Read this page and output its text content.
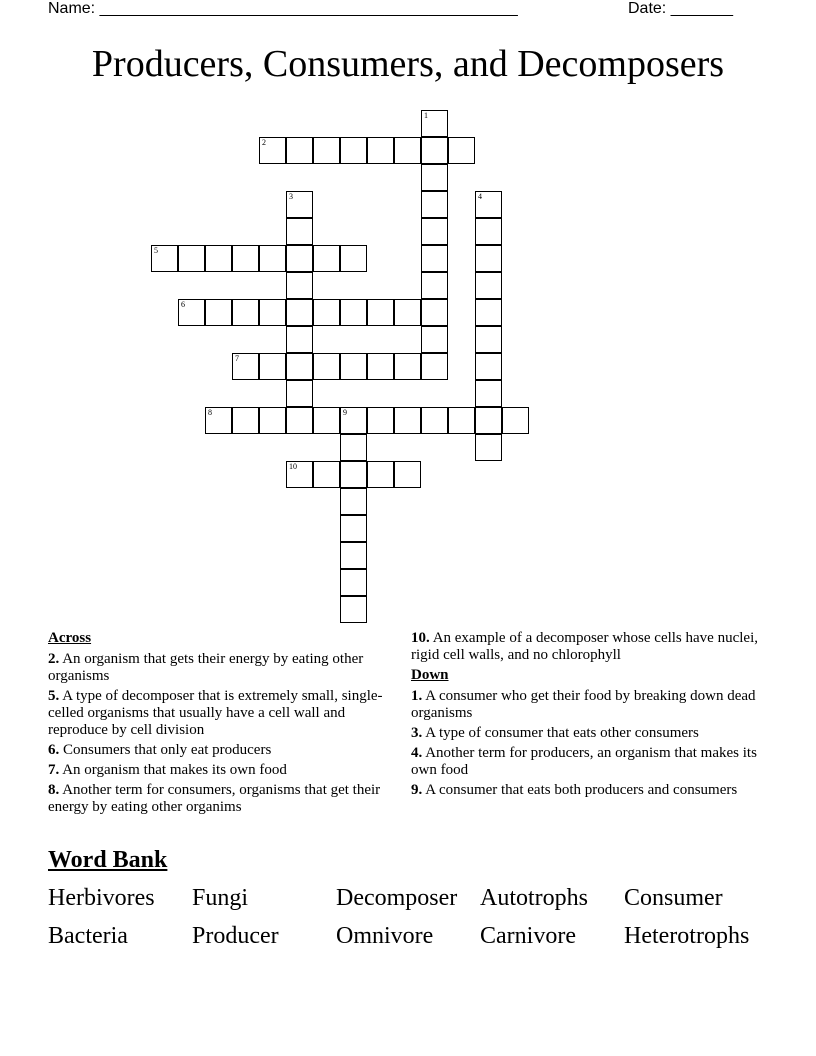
Name: _______________________________________________	Date: _______
Producers, Consumers, and Decomposers
2
5
6
7
8	9
10
1
3	4
Across
2. An organism that gets their energy by eating other organisms
5. A type of decomposer that is extremely small, single-celled organisms that usually have a cell wall and reproduce by cell division
6. Consumers that only eat producers
7. An organism that makes its own food
8. Another term for consumers, organisms that get their energy by eating other organims
10. An example of a decomposer whose cells have nuclei, rigid cell walls, and no chlorophyll
Down
1. A consumer who get their food by breaking down dead organisms
3. A type of consumer that eats other consumers
4. Another term for producers, an organism that makes its own food
9. A consumer that eats both producers and consumers
Word Bank
Herbivores Fungi	Decomposer Autotrophs Consumer
Bacteria	Producer Omnivore Carnivore Heterotrophs
